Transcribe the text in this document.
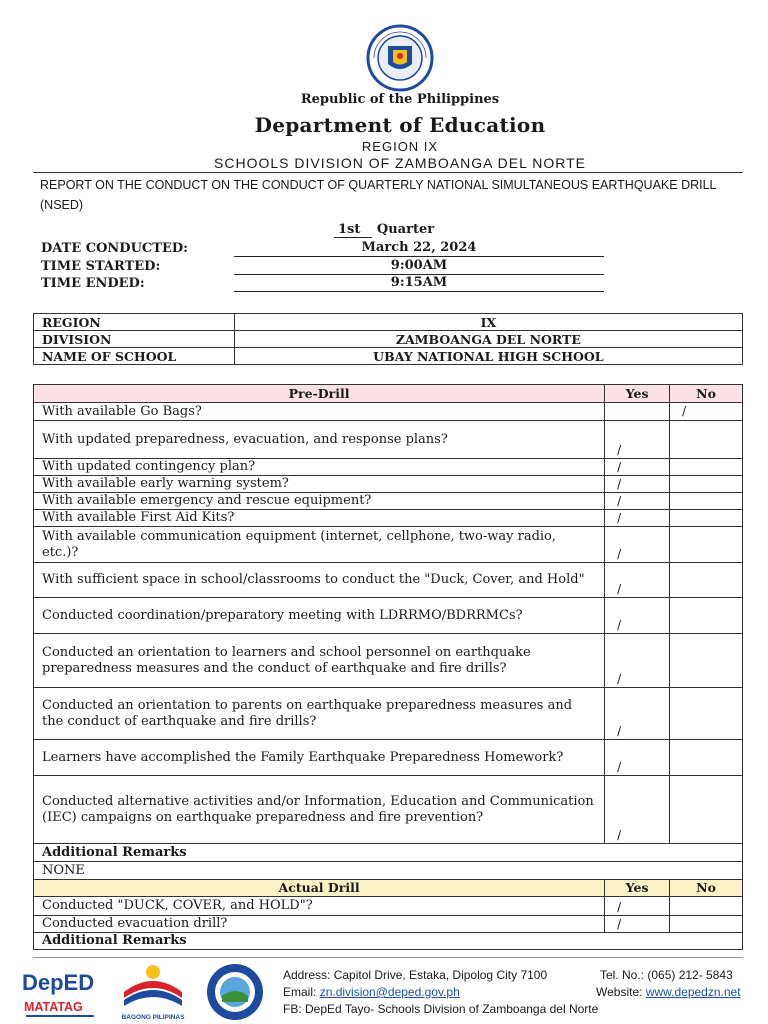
Republic of the Philippines
Department of Education
REGION IX
SCHOOLS DIVISION OF ZAMBOANGA DEL NORTE
REPORT ON THE CONDUCT ON THE CONDUCT OF QUARTERLY NATIONAL SIMULTANEOUS EARTHQUAKE DRILL (NSED)
1st Quarter
DATE CONDUCTED:	March 22, 2024
TIME STARTED:	9:00AM
TIME ENDED:	9:15AM
REGION	IX
DIVISION	ZAMBOANGA DEL NORTE
NAME OF SCHOOL	UBAY NATIONAL HIGH SCHOOL
Pre-Drill	Yes	No
With available Go Bags?		/
With updated preparedness, evacuation, and response plans?	/	
With updated contingency plan?	/	
With available early warning system?	/	
With available emergency and rescue equipment?	/	
With available First Aid Kits?	/	
With available communication equipment (internet, cellphone, two-way radio, etc.)?	/	
With sufficient space in school/classrooms to conduct the "Duck, Cover, and Hold"	/	
Conducted coordination/preparatory meeting with LDRRMO/BDRRMCs?	/	
Conducted an orientation to learners and school personnel on earthquake preparedness measures and the conduct of earthquake and fire drills?	/	
Conducted an orientation to parents on earthquake preparedness measures and the conduct of earthquake and fire drills?	/	
Learners have accomplished the Family Earthquake Preparedness Homework?	/	
Conducted alternative activities and/or Information, Education and Communication (IEC) campaigns on earthquake preparedness and fire prevention?	/	
Additional Remarks		
NONE		
Actual Drill	Yes	No
Conducted "DUCK, COVER, and HOLD"?	/	
Conducted evacuation drill?	/	
Additional Remarks		
DepED
MATATAG
BAGONG PILIPINAS
Address: Capitol Drive, Estaka, Dipolog City 7100	Tel. No.: (065) 212- 5843
Email: zn.division@deped.gov.ph	Website: www.depedzn.net
FB: DepEd Tayo- Schools Division of Zamboanga del Norte
